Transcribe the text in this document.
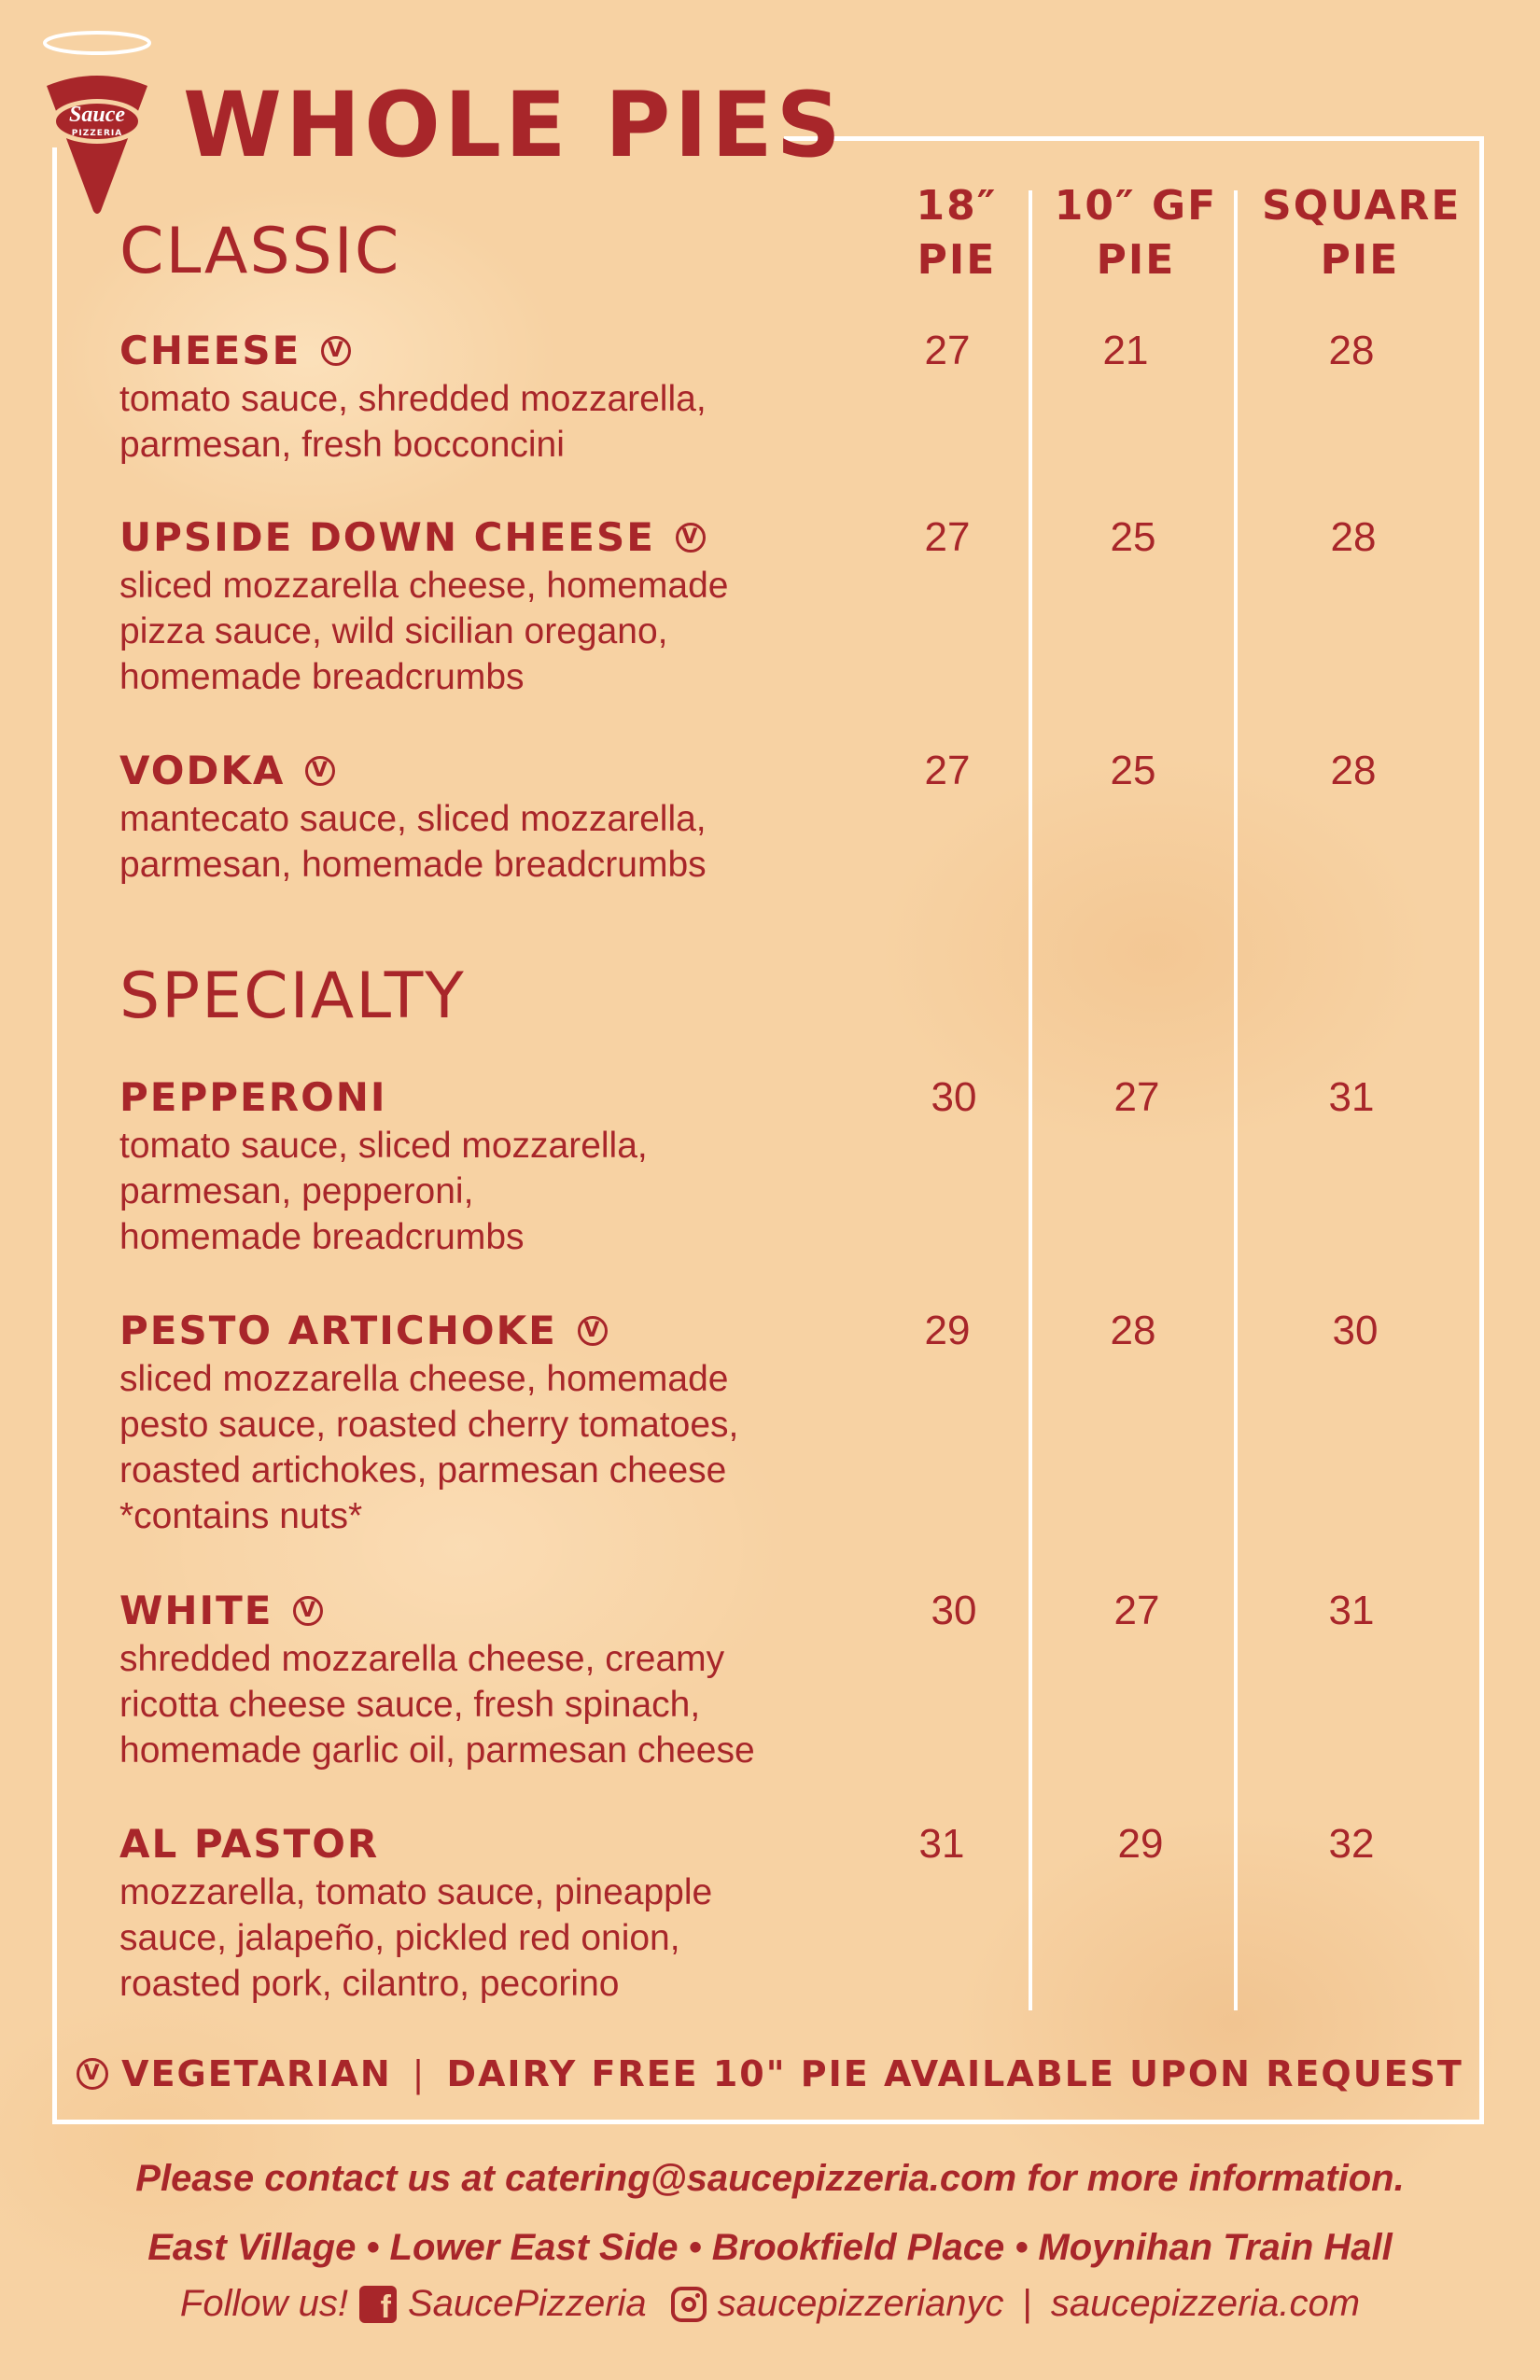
Sauce
PIZZERIA WHOLE PIES
18″
PIE
10″ GF
PIE
SQUARE
PIE
CLASSIC
CHEESE V
tomato sauce, shredded mozzarella,
parmesan, fresh bocconcini
27	21	28
UPSIDE DOWN CHEESE V
sliced mozzarella cheese, homemade
pizza sauce, wild sicilian oregano,
homemade breadcrumbs
27	25	28
VODKA V
mantecato sauce, sliced mozzarella,
parmesan, homemade breadcrumbs
27	25	28
SPECIALTY
PEPPERONI
tomato sauce, sliced mozzarella,
parmesan, pepperoni,
homemade breadcrumbs
30	27	31
PESTO ARTICHOKE V
sliced mozzarella cheese, homemade
pesto sauce, roasted cherry tomatoes,
roasted artichokes, parmesan cheese
*contains nuts*
29	28	30
WHITE V
shredded mozzarella cheese, creamy
ricotta cheese sauce, fresh spinach,
homemade garlic oil, parmesan cheese
30	27	31
AL PASTOR
mozzarella, tomato sauce, pineapple
sauce, jalapeño, pickled red onion,
roasted pork, cilantro, pecorino
31	29	32
V VEGETARIAN | DAIRY FREE 10" PIE AVAILABLE UPON REQUEST
Please contact us at catering@saucepizzeria.com for more information.
East Village • Lower East Side • Brookfield Place • Moynihan Train Hall
Follow us!	f SaucePizzeria saucepizzerianyc | saucepizzeria.com
